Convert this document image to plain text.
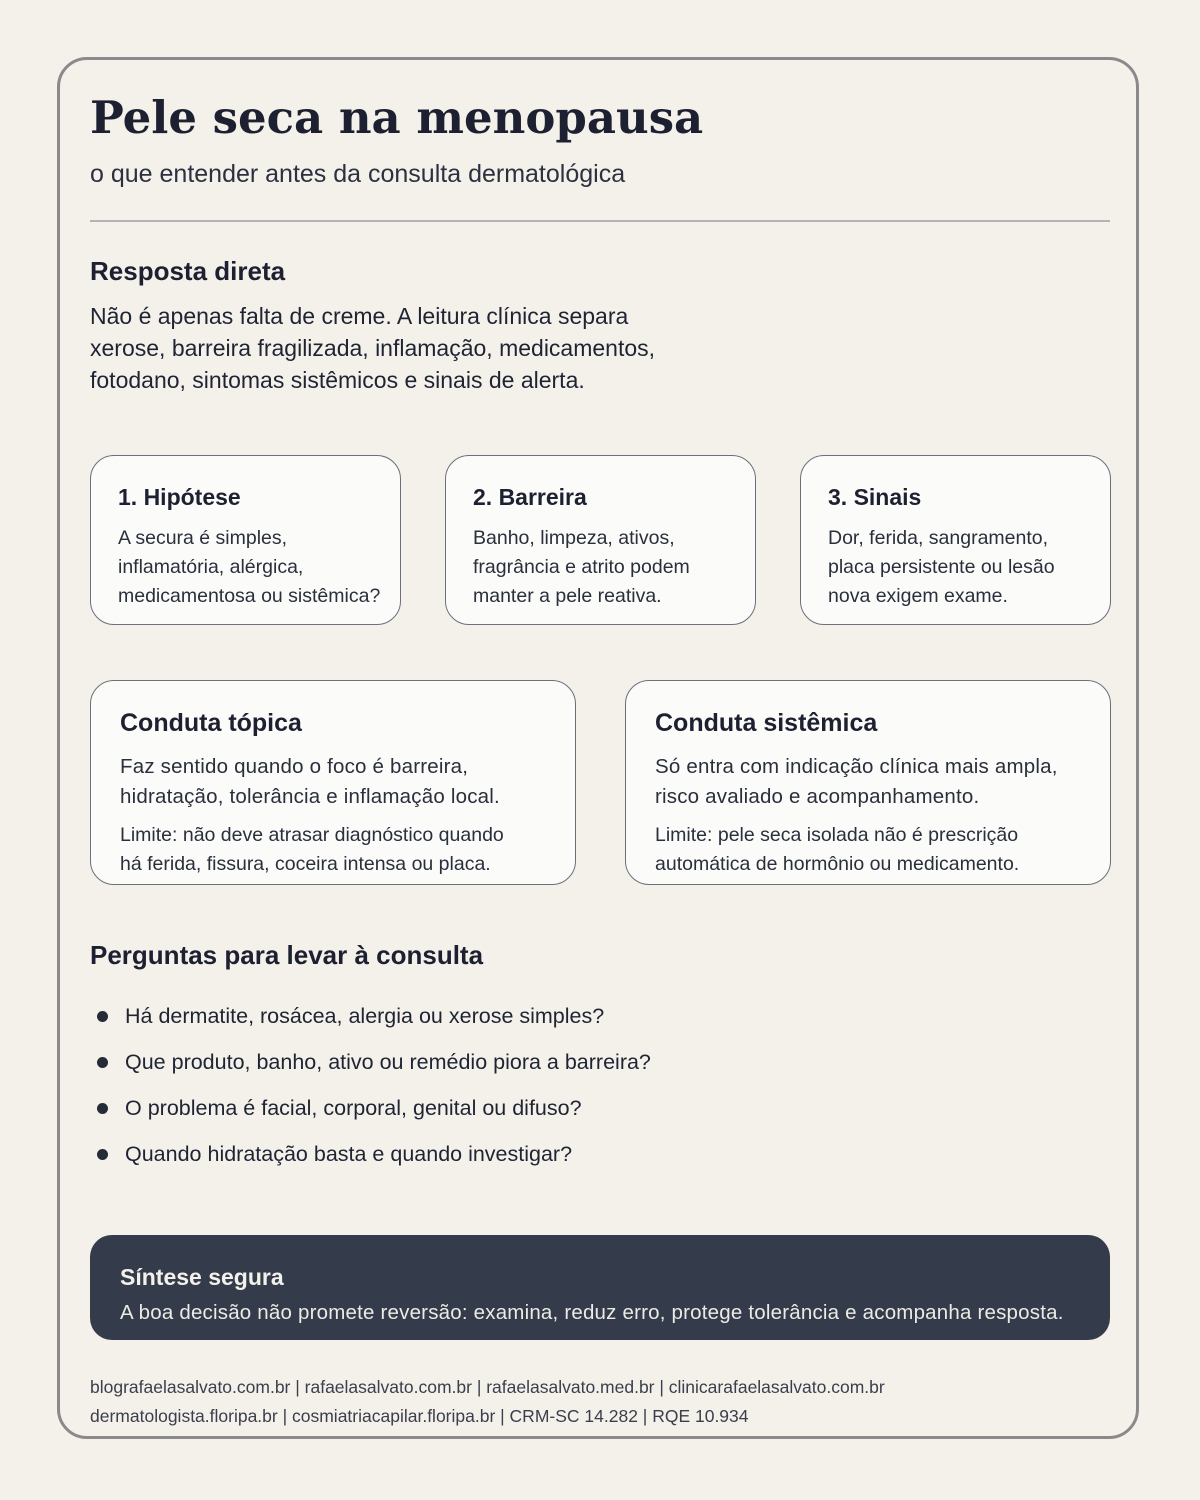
Pele seca na menopausa
o que entender antes da consulta dermatológica
Resposta direta
Não é apenas falta de creme. A leitura clínica separa
xerose, barreira fragilizada, inflamação, medicamentos,
fotodano, sintomas sistêmicos e sinais de alerta.
1. Hipótese
A secura é simples,
inflamatória, alérgica,
medicamentosa ou sistêmica?
2. Barreira
Banho, limpeza, ativos,
fragrância e atrito podem
manter a pele reativa.
3. Sinais
Dor, ferida, sangramento,
placa persistente ou lesão
nova exigem exame.
Conduta tópica
Faz sentido quando o foco é barreira,
hidratação, tolerância e inflamação local.
Limite: não deve atrasar diagnóstico quando
há ferida, fissura, coceira intensa ou placa.
Conduta sistêmica
Só entra com indicação clínica mais ampla,
risco avaliado e acompanhamento.
Limite: pele seca isolada não é prescrição
automática de hormônio ou medicamento.
Perguntas para levar à consulta
Há dermatite, rosácea, alergia ou xerose simples?
Que produto, banho, ativo ou remédio piora a barreira?
O problema é facial, corporal, genital ou difuso?
Quando hidratação basta e quando investigar?
Síntese segura
A boa decisão não promete reversão: examina, reduz erro, protege tolerância e acompanha resposta.
blografaelasalvato.com.br | rafaelasalvato.com.br | rafaelasalvato.med.br | clinicarafaelasalvato.com.br
dermatologista.floripa.br | cosmiatriacapilar.floripa.br | CRM-SC 14.282 | RQE 10.934
